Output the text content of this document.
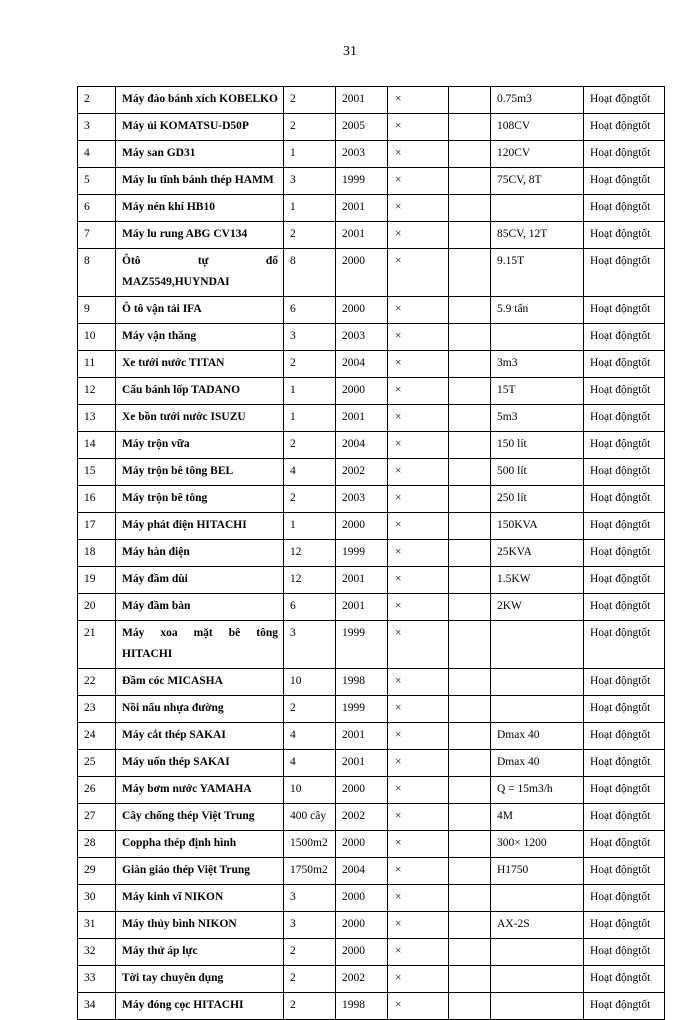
31
2	Máy đào bánh xích KOBELKO	2	2001	×		0.75m3	Hoạt độngtốt
3	Máy ủi KOMATSU-D50P	2	2005	×		108CV	Hoạt độngtốt
4	Máy san GD31	1	2003	×		120CV	Hoạt độngtốt
5	Máy lu tĩnh bánh thép HAMM	3	1999	×		75CV, 8T	Hoạt độngtốt
6	Máy nén khí HB10	1	2001	×			Hoạt độngtốt
7	Máy lu rung ABG CV134	2	2001	×		85CV, 12T	Hoạt độngtốt
8	Ôtô tự đổ MAZ5549,HUYNDAI	8	2000	×		9.15T	Hoạt độngtốt
9	Ô tô vận tải IFA	6	2000	×		5.9 tấn	Hoạt độngtốt
10	Máy vận thăng	3	2003	×			Hoạt độngtốt
11	Xe tưới nước TITAN	2	2004	×		3m3	Hoạt độngtốt
12	Cẩu bánh lốp TADANO	1	2000	×		15T	Hoạt độngtốt
13	Xe bồn tưới nước ISUZU	1	2001	×		5m3	Hoạt độngtốt
14	Máy trộn vữa	2	2004	×		150 lít	Hoạt độngtốt
15	Máy trộn bê tông BEL	4	2002	×		500 lít	Hoạt độngtốt
16	Máy trộn bê tông	2	2003	×		250 lít	Hoạt độngtốt
17	Máy phát điện HITACHI	1	2000	×		150KVA	Hoạt độngtốt
18	Máy hàn điện	12	1999	×		25KVA	Hoạt độngtốt
19	Máy đầm dùi	12	2001	×		1.5KW	Hoạt độngtốt
20	Máy đầm bàn	6	2001	×		2KW	Hoạt độngtốt
21	Máy xoa mặt bê tông HITACHI	3	1999	×			Hoạt độngtốt
22	Đầm cóc MICASHA	10	1998	×			Hoạt độngtốt
23	Nồi nấu nhựa đường	2	1999	×			Hoạt độngtốt
24	Máy cắt thép SAKAI	4	2001	×		Dmax 40	Hoạt độngtốt
25	Máy uốn thép SAKAI	4	2001	×		Dmax 40	Hoạt độngtốt
26	Máy bơm nước YAMAHA	10	2000	×		Q = 15m3/h	Hoạt độngtốt
27	Cây chống thép Việt Trung	400 cây	2002	×		4M	Hoạt độngtốt
28	Coppha thép định hình	1500m2	2000	×		300× 1200	Hoạt độngtốt
29	Giàn giáo thép Việt Trung	1750m2	2004	×		H1750	Hoạt độngtốt
30	Máy kinh vĩ NIKON	3	2000	×			Hoạt độngtốt
31	Máy thủy bình NIKON	3	2000	×		AX-2S	Hoạt độngtốt
32	Máy thử áp lực	2	2000	×			Hoạt độngtốt
33	Tời tay chuyên dụng	2	2002	×			Hoạt độngtốt
34	Máy đóng cọc HITACHI	2	1998	×			Hoạt độngtốt
